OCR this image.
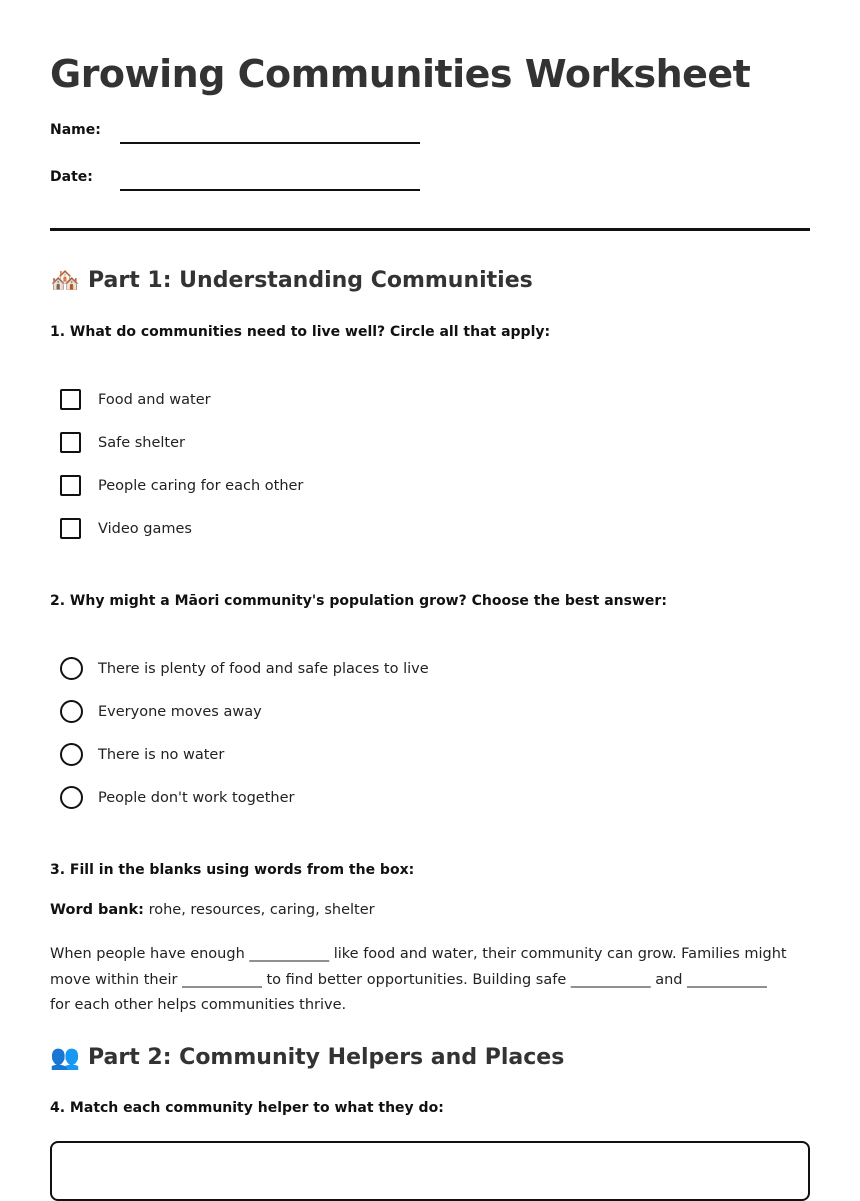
Growing Communities Worksheet
Name:
Date:
🏘️ Part 1: Understanding Communities
1. What do communities need to live well? Circle all that apply:
Food and water
Safe shelter
People caring for each other
Video games
2. Why might a Māori community's population grow? Choose the best answer:
There is plenty of food and safe places to live
Everyone moves away
There is no water
People don't work together
3. Fill in the blanks using words from the box:
Word bank: rohe, resources, caring, shelter
When people have enough ___________ like food and water, their community can grow. Families might move within their ___________ to find better opportunities. Building safe ___________ and ___________ for each other helps communities thrive.
👥 Part 2: Community Helpers and Places
4. Match each community helper to what they do:
